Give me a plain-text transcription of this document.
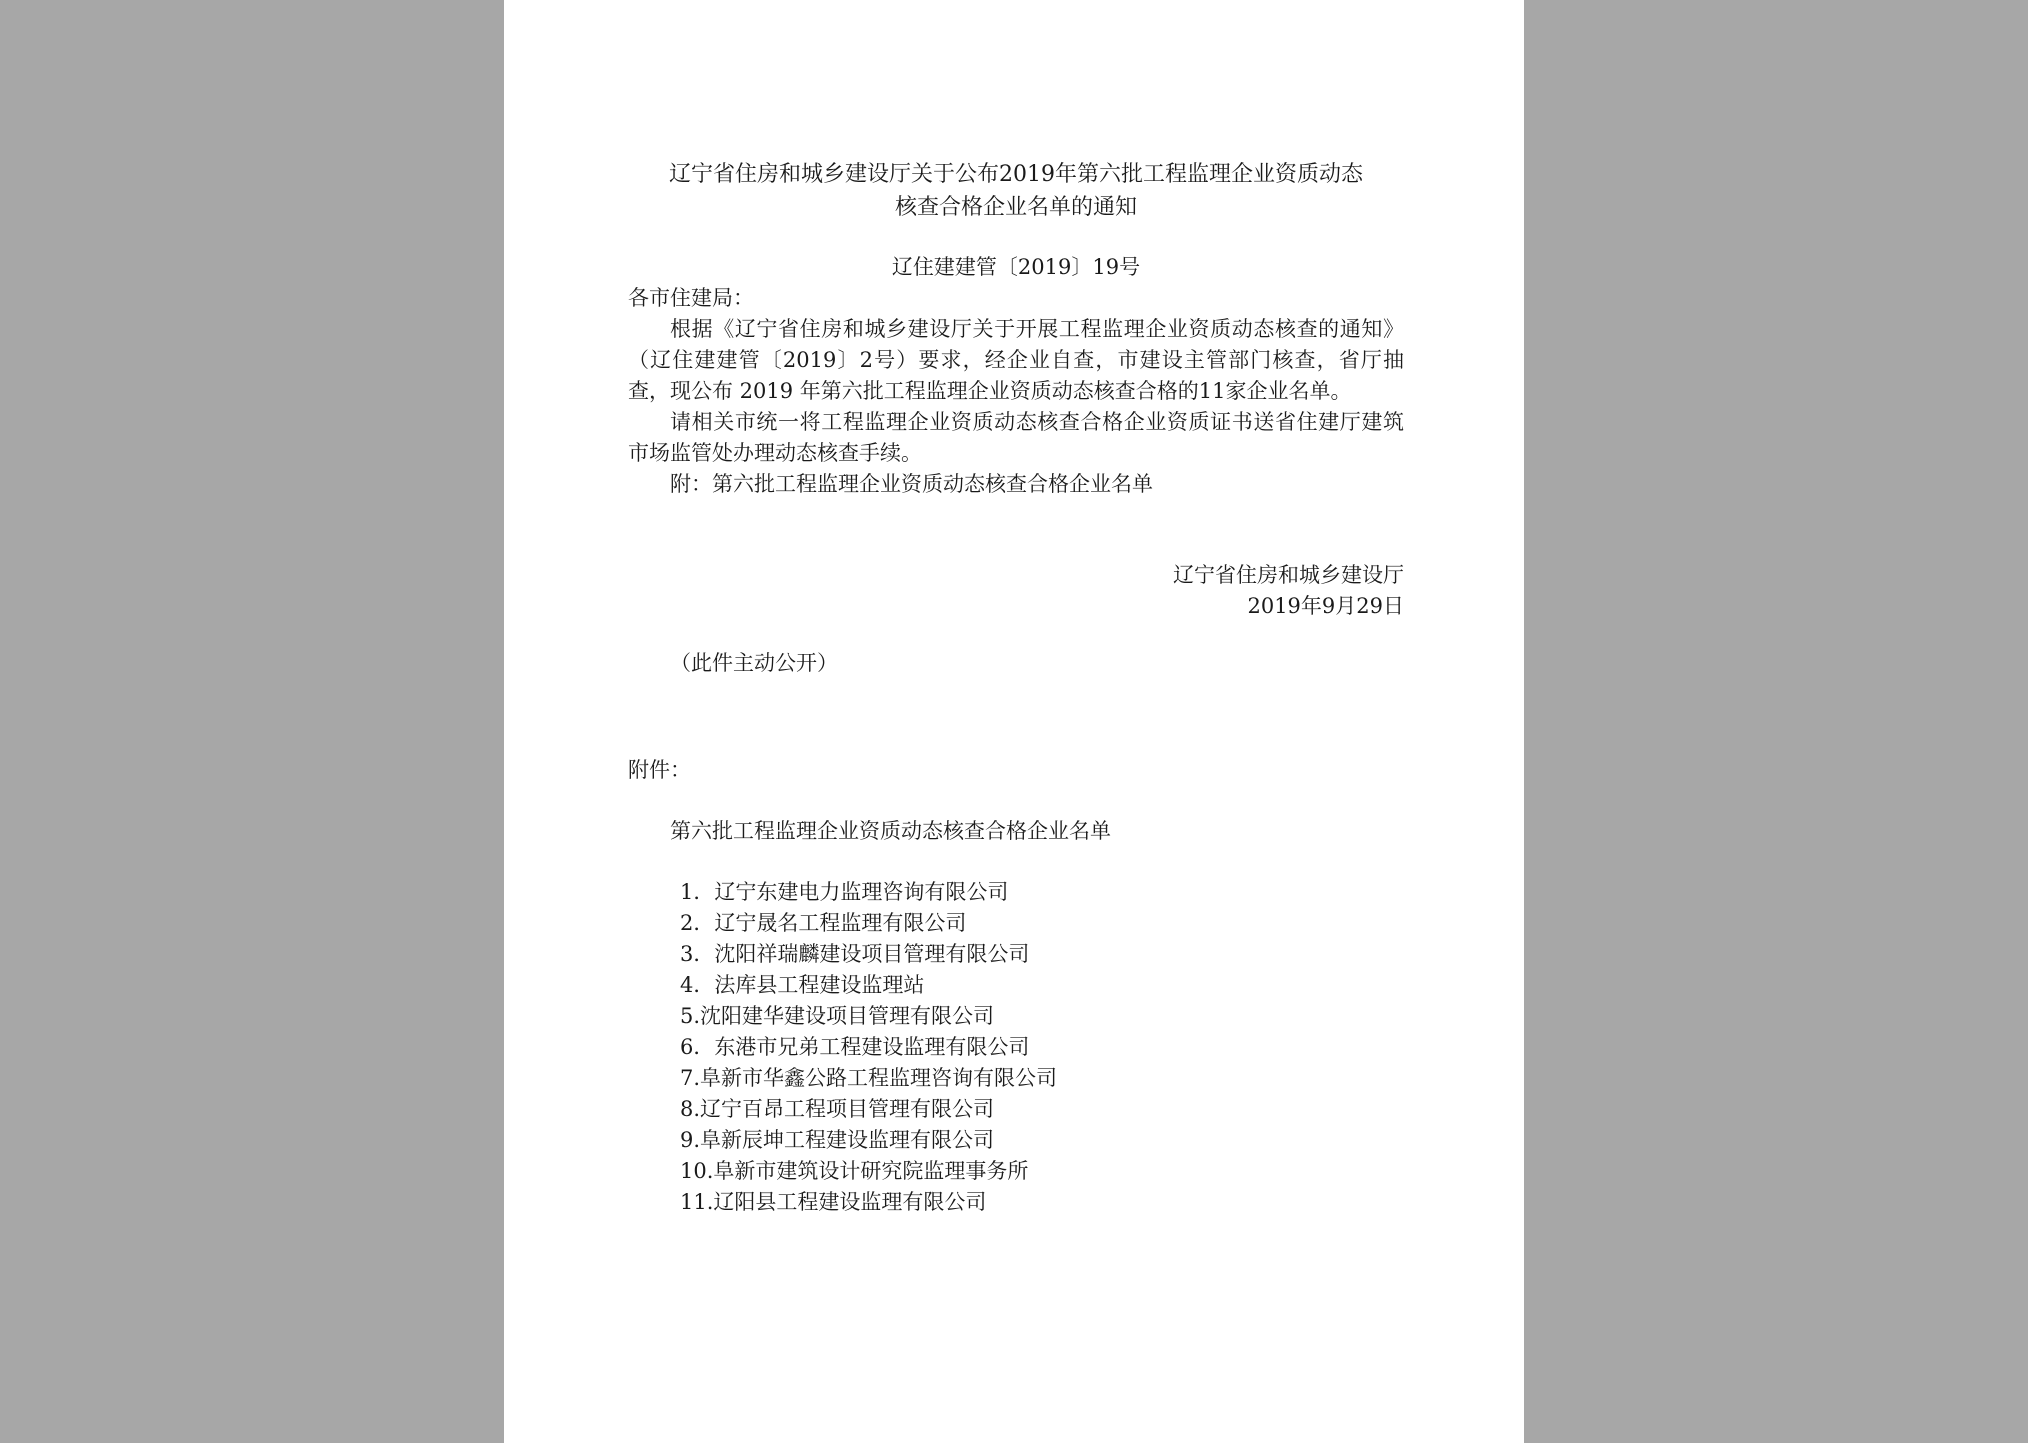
辽宁省住房和城乡建设厅关于公布2019年第六批工程监理企业资质动态
核查合格企业名单的通知

辽住建建管〔2019〕19号

各市住建局：

根据《辽宁省住房和城乡建设厅关于开展工程监理企业资质动态核查的通知》（辽住建建管〔2019〕2号）要求，经企业自查，市建设主管部门核查，省厅抽查，现公布 2019 年第六批工程监理企业资质动态核查合格的11家企业名单。

请相关市统一将工程监理企业资质动态核查合格企业资质证书送省住建厅建筑市场监管处办理动态核查手续。

附：第六批工程监理企业资质动态核查合格企业名单

辽宁省住房和城乡建设厅

2019年9月29日

（此件主动公开）

附件：

第六批工程监理企业资质动态核查合格企业名单

1．辽宁东建电力监理咨询有限公司
2．辽宁晟名工程监理有限公司
3．沈阳祥瑞麟建设项目管理有限公司
4．法库县工程建设监理站
5.沈阳建华建设项目管理有限公司
6．东港市兄弟工程建设监理有限公司
7.阜新市华鑫公路工程监理咨询有限公司
8.辽宁百昂工程项目管理有限公司
9.阜新辰坤工程建设监理有限公司
10.阜新市建筑设计研究院监理事务所
11.辽阳县工程建设监理有限公司
